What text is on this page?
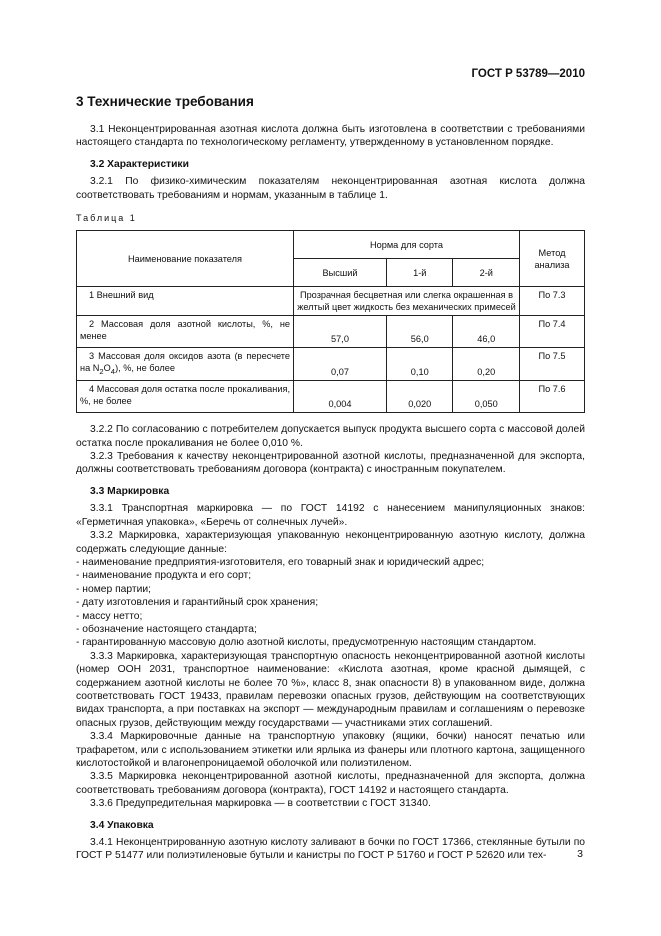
ГОСТ Р 53789—2010
3 Технические требования

3.1 Неконцентрированная азотная кислота должна быть изготовлена в соответствии с требованиями настоящего стандарта по технологическому регламенту, утвержденному в установленном порядке.

3.2 Характеристики

3.2.1 По физико-химическим показателям неконцентрированная азотная кислота должна соответствовать требованиям и нормам, указанным в таблице 1.

Таблица 1
Наименование показателя	Норма для сорта			Метод анализа
	Высший	1-й	2-й	
1 Внешний вид	Прозрачная бесцветная или слегка окрашенная в желтый цвет жидкость без механических примесей			По 7.3
2 Массовая доля азотной кислоты, %, не менее	57,0	56,0	46,0	По 7.4
3 Массовая доля оксидов азота (в пересчете на $N_2O_4$), %, не более	0,07	0,10	0,20	По 7.5
4 Массовая доля остатка после прокаливания, %, не более	0,004	0,020	0,050	По 7.6

3.2.2 По согласованию с потребителем допускается выпуск продукта высшего сорта с массовой долей остатка после прокаливания не более 0,010 %.

3.2.3 Требования к качеству неконцентрированной азотной кислоты, предназначенной для экспорта, должны соответствовать требованиям договора (контракта) с иностранным покупателем.

3.3 Маркировка

3.3.1 Транспортная маркировка — по ГОСТ 14192 с нанесением манипуляционных знаков: «Герметичная упаковка», «Беречь от солнечных лучей».

3.3.2 Маркировка, характеризующая упакованную неконцентрированную азотную кислоту, должна содержать следующие данные:

- наименование предприятия-изготовителя, его товарный знак и юридический адрес;

- наименование продукта и его сорт;

- номер партии;

- дату изготовления и гарантийный срок хранения;

- массу нетто;

- обозначение настоящего стандарта;

- гарантированную массовую долю азотной кислоты, предусмотренную настоящим стандартом.

3.3.3 Маркировка, характеризующая транспортную опасность неконцентрированной азотной кислоты (номер ООН 2031, транспортное наименование: «Кислота азотная, кроме красной дымящей, с содержанием азотной кислоты не более 70 %», класс 8, знак опасности 8) в упакованном виде, должна соответствовать ГОСТ 19433, правилам перевозки опасных грузов, действующим на соответствующих видах транспорта, а при поставках на экспорт — международным правилам и соглашениям о перевозке опасных грузов, действующим между государствами — участниками этих соглашений.

3.3.4 Маркировочные данные на транспортную упаковку (ящики, бочки) наносят печатью или трафаретом, или с использованием этикетки или ярлыка из фанеры или плотного картона, защищенного кислотостойкой и влагонепроницаемой оболочкой или полиэтиленом.

3.3.5 Маркировка неконцентрированной азотной кислоты, предназначенной для экспорта, должна соответствовать требованиям договора (контракта), ГОСТ 14192 и настоящего стандарта.

3.3.6 Предупредительная маркировка — в соответствии с ГОСТ 31340.

3.4 Упаковка

3.4.1 Неконцентрированную азотную кислоту заливают в бочки по ГОСТ 17366, стеклянные бутыли по ГОСТ Р 51477 или полиэтиленовые бутыли и канистры по ГОСТ Р 51760 и ГОСТ Р 52620 или тех-	3
